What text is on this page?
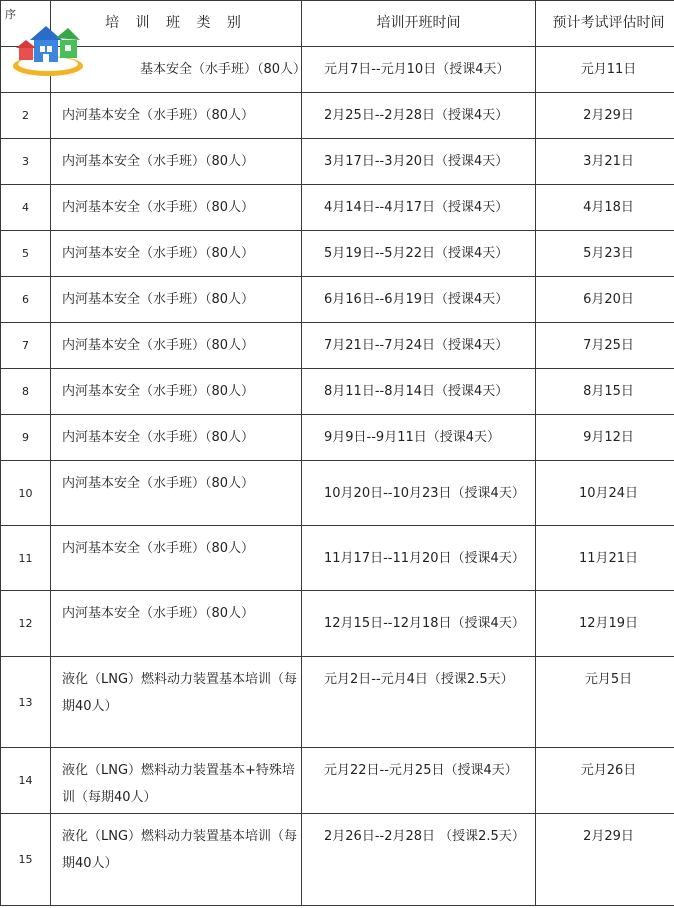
序	培 训 班 类 别	培训开班时间	预计考试评估时间
	基本安全（水手班）（80人）	元月7日--元月10日（授课4天）	元月11日
2	内河基本安全（水手班）（80人）	2月25日--2月28日（授课4天）	2月29日
3	内河基本安全（水手班）（80人）	3月17日--3月20日（授课4天）	3月21日
4	内河基本安全（水手班）（80人）	4月14日--4月17日（授课4天）	4月18日
5	内河基本安全（水手班）（80人）	5月19日--5月22日（授课4天）	5月23日
6	内河基本安全（水手班）（80人）	6月16日--6月19日（授课4天）	6月20日
7	内河基本安全（水手班）（80人）	7月21日--7月24日（授课4天）	7月25日
8	内河基本安全（水手班）（80人）	8月11日--8月14日（授课4天）	8月15日
9	内河基本安全（水手班）（80人）	9月9日--9月11日（授课4天）	9月12日
10	内河基本安全（水手班）（80人）	10月20日--10月23日（授课4天）	10月24日
11	内河基本安全（水手班）（80人）	11月17日--11月20日（授课4天）	11月21日
12	内河基本安全（水手班）（80人）	12月15日--12月18日（授课4天）	12月19日
13	液化（LNG）燃料动力装置基本培训（每期40人）	元月2日--元月4日（授课2.5天）	元月5日
14	液化（LNG）燃料动力装置基本+特殊培训（每期40人）	元月22日--元月25日（授课4天）	元月26日
15	液化（LNG）燃料动力装置基本培训（每期40人）	2月26日--2月28日 （授课2.5天）	2月29日
